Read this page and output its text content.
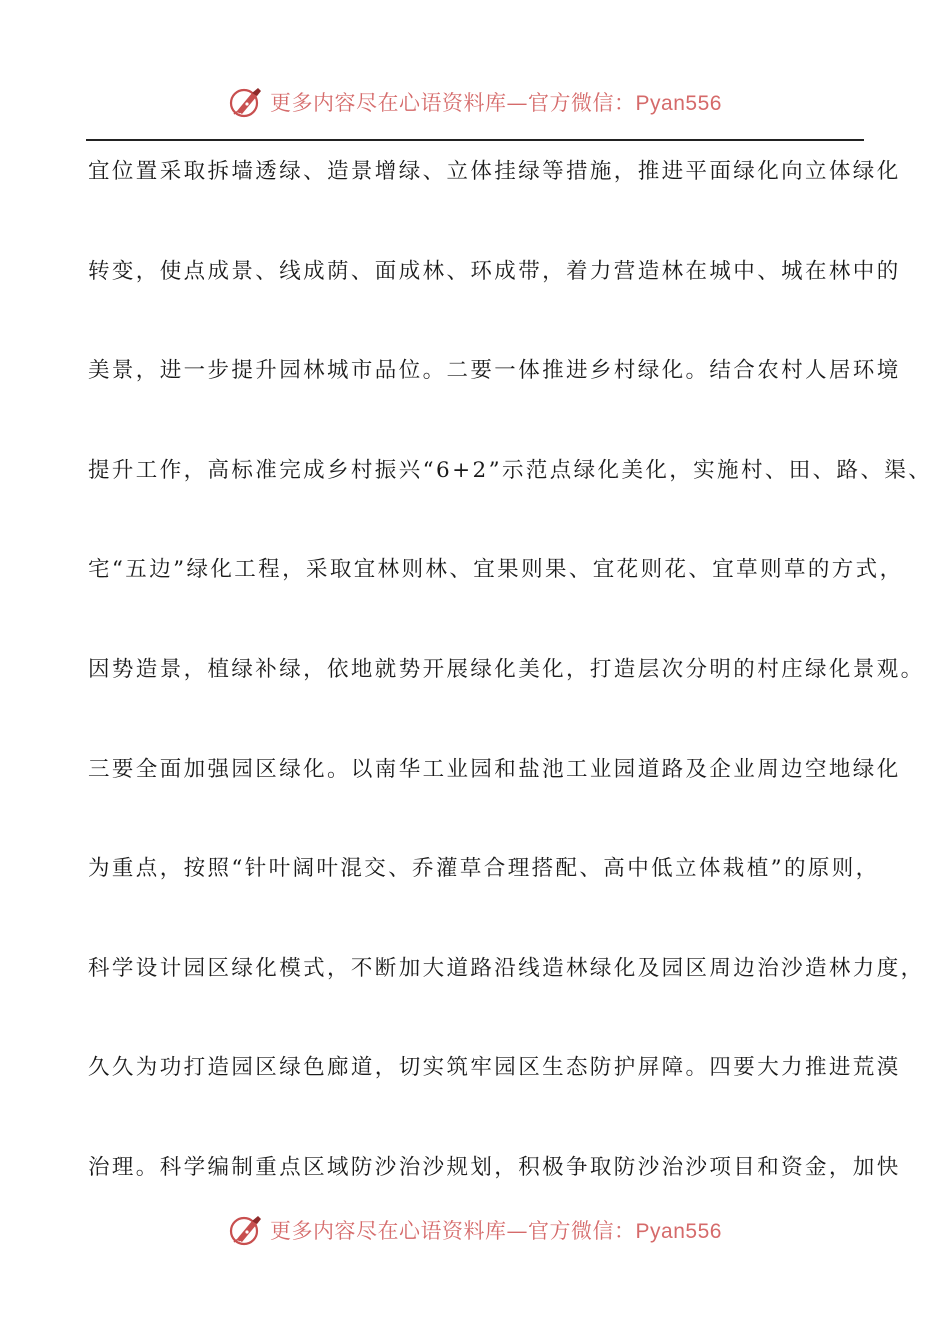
更多内容尽在心语资料库—官方微信：Pyan556
宜位置采取拆墙透绿、造景增绿、立体挂绿等措施，推进平面绿化向立体绿化
转变，使点成景、线成荫、面成林、环成带，着力营造林在城中、城在林中的
美景，进一步提升园林城市品位。二要一体推进乡村绿化。结合农村人居环境
提升工作，高标准完成乡村振兴“6+2”示范点绿化美化，实施村、田、路、渠、
宅“五边”绿化工程，采取宜林则林、宜果则果、宜花则花、宜草则草的方式，
因势造景，植绿补绿，依地就势开展绿化美化，打造层次分明的村庄绿化景观。
三要全面加强园区绿化。以南华工业园和盐池工业园道路及企业周边空地绿化
为重点，按照“针叶阔叶混交、乔灌草合理搭配、高中低立体栽植”的原则，
科学设计园区绿化模式，不断加大道路沿线造林绿化及园区周边治沙造林力度，
久久为功打造园区绿色廊道，切实筑牢园区生态防护屏障。四要大力推进荒漠
治理。科学编制重点区域防沙治沙规划，积极争取防沙治沙项目和资金，加快
更多内容尽在心语资料库—官方微信：Pyan556
